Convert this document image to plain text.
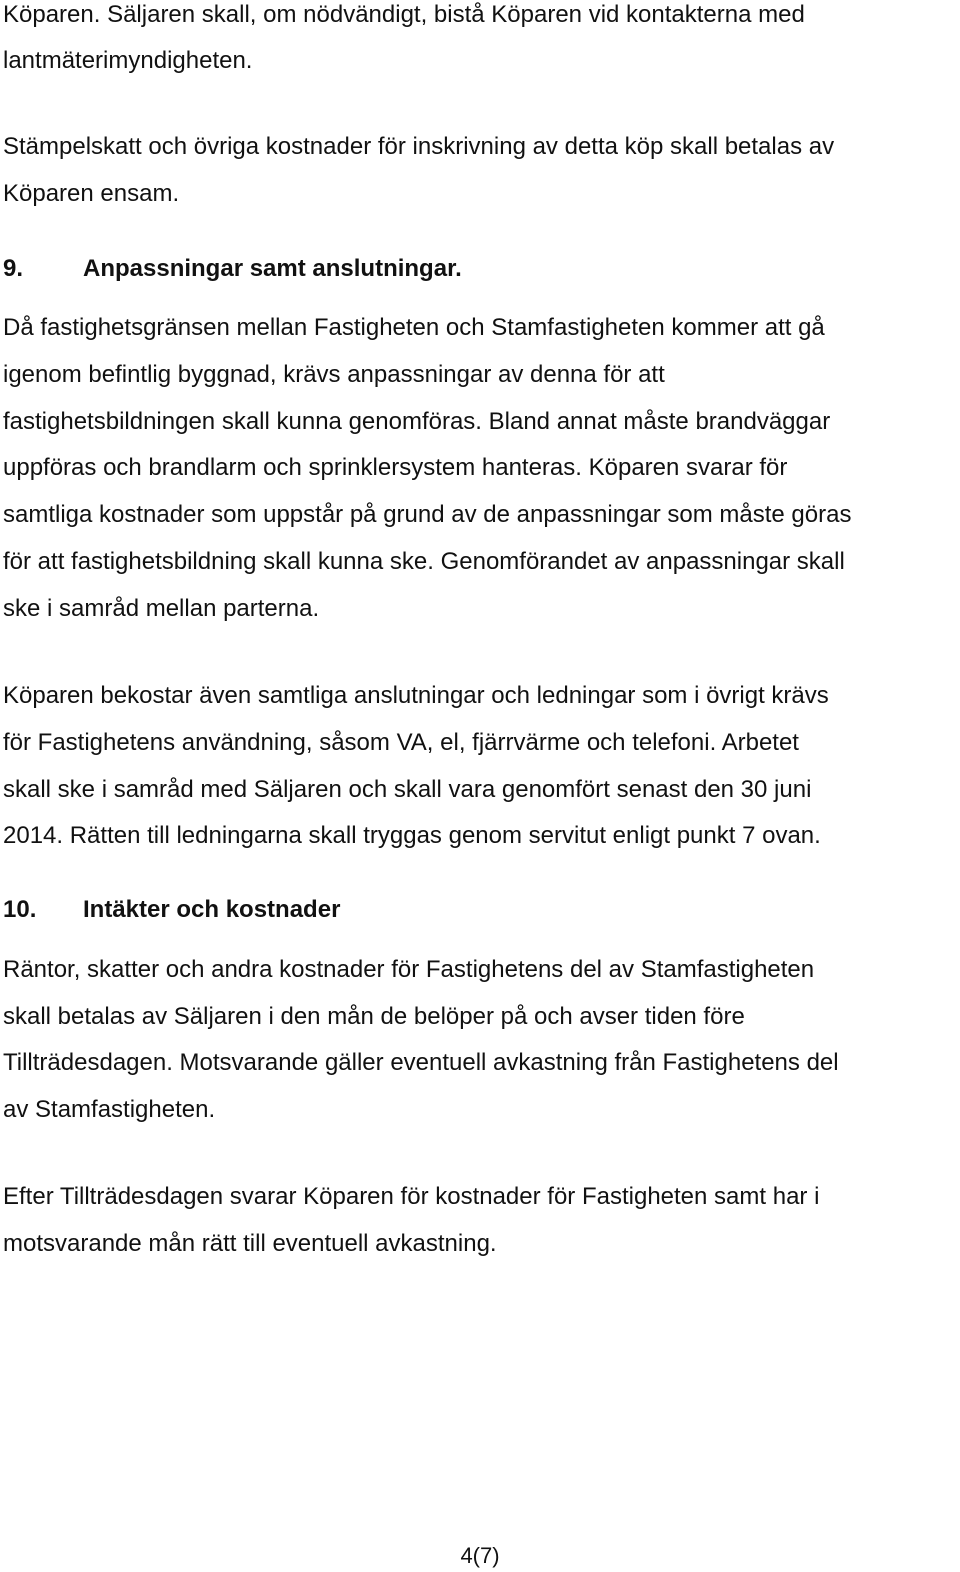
Köparen. Säljaren skall, om nödvändigt, bistå Köparen vid kontakterna med
lantmäterimyndigheten.
Stämpelskatt och övriga kostnader för inskrivning av detta köp skall betalas av
Köparen ensam.
9. Anpassningar samt anslutningar.
Då fastighetsgränsen mellan Fastigheten och Stamfastigheten kommer att gå
igenom befintlig byggnad, krävs anpassningar av denna för att
fastighetsbildningen skall kunna genomföras. Bland annat måste brandväggar
uppföras och brandlarm och sprinklersystem hanteras. Köparen svarar för
samtliga kostnader som uppstår på grund av de anpassningar som måste göras
för att fastighetsbildning skall kunna ske. Genomförandet av anpassningar skall
ske i samråd mellan parterna.
Köparen bekostar även samtliga anslutningar och ledningar som i övrigt krävs
för Fastighetens användning, såsom VA, el, fjärrvärme och telefoni. Arbetet
skall ske i samråd med Säljaren och skall vara genomfört senast den 30 juni
2014. Rätten till ledningarna skall tryggas genom servitut enligt punkt 7 ovan.
10. Intäkter och kostnader
Räntor, skatter och andra kostnader för Fastighetens del av Stamfastigheten
skall betalas av Säljaren i den mån de belöper på och avser tiden före
Tillträdesdagen. Motsvarande gäller eventuell avkastning från Fastighetens del
av Stamfastigheten.
Efter Tillträdesdagen svarar Köparen för kostnader för Fastigheten samt har i
motsvarande mån rätt till eventuell avkastning.
4(7)
